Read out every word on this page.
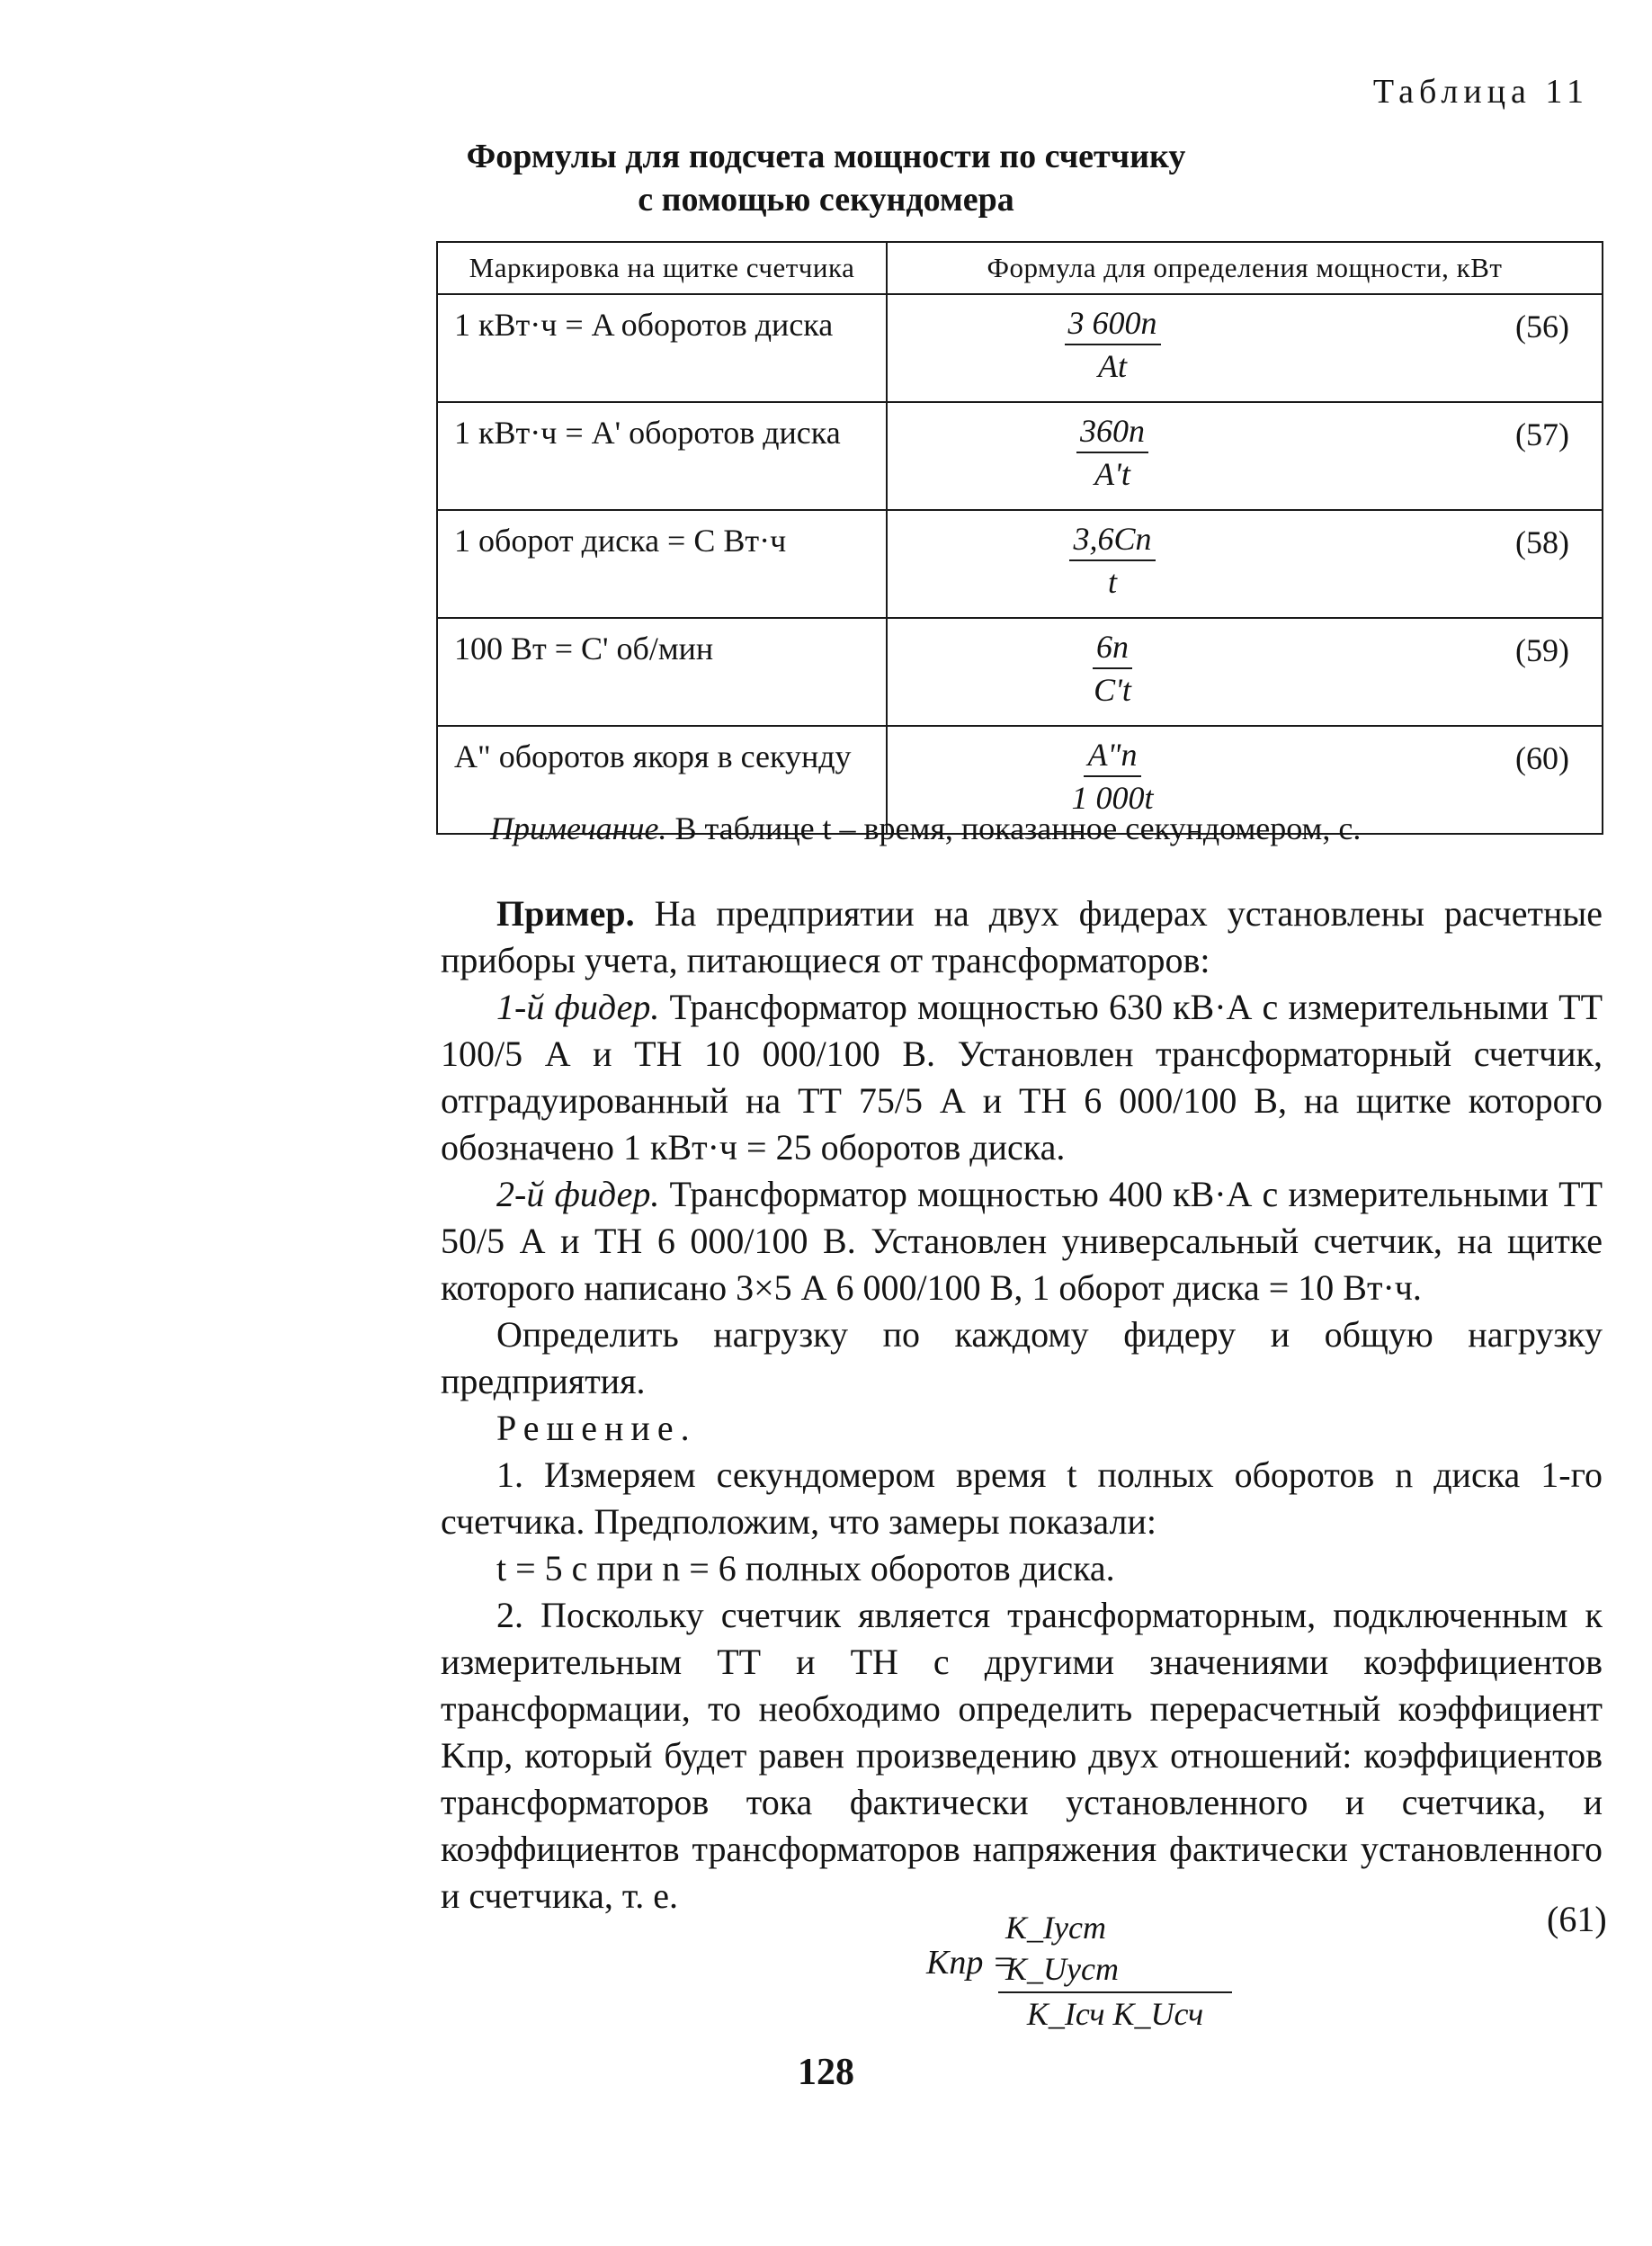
Таблица 11
Формулы для подсчета мощности по счетчику
с помощью секундомера
Маркировка на щитке счетчика	Формула для определения мощности, кВт
1 кВт·ч = A оборотов диска	$\frac{3 600n}{At} (56)$

1 кВт·ч = A' оборотов диска	$\frac{360n}{A't} (57)$

1 оборот диска = C Вт·ч	$\frac{3,6Cn}{t} (58)$

100 Вт = C' об/мин	$\frac{6n}{C't} (59)$

A" оборотов якоря в секунду	$\frac{A"n}{1 000t} (60)$
Примечание. В таблице t – время, показанное секундомером, с.

Пример. На предприятии на двух фидерах установлены расчетные приборы учета, питающиеся от трансформаторов:

1-й фидер. Трансформатор мощностью 630 кВ·А с измерительными ТТ 100/5 А и ТН 10 000/100 В. Установлен трансформаторный счетчик, отградуированный на ТТ 75/5 А и ТН 6 000/100 В, на щитке которого обозначено 1 кВт·ч = 25 оборотов диска.

2-й фидер. Трансформатор мощностью 400 кВ·А с измерительными ТТ 50/5 А и ТН 6 000/100 В. Установлен универсальный счетчик, на щитке которого написано 3×5 А 6 000/100 В, 1 оборот диска = 10 Вт·ч.

Определить нагрузку по каждому фидеру и общую нагрузку предприятия.

Решение.

1. Измеряем секундомером время t полных оборотов n диска 1-го счетчика. Предположим, что замеры показали:

t = 5 с при n = 6 полных оборотов диска.

2. Поскольку счетчик является трансформаторным, подключенным к измерительным ТТ и ТН с другими значениями коэффициентов трансформации, то необходимо определить перерасчетный коэффициент Kпр, который будет равен произведению двух отношений: коэффициентов трансформаторов тока фактически установленного и счетчика, и коэффициентов трансформаторов напряжения фактически установленного и счетчика, т. е.

Kпр =
K_Iуст K_Uуст
K_Iсч K_Uсч
(61)
128
